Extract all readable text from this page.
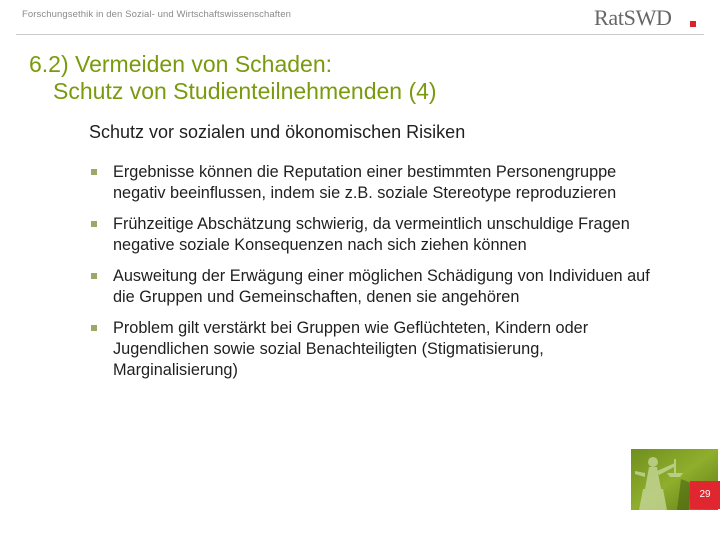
Forschungsethik in den Sozial- und Wirtschaftswissenschaften	RatSWD
6.2) Vermeiden von Schaden:
Schutz von Studienteilnehmenden (4)
Schutz vor sozialen und ökonomischen Risiken
Ergebnisse können die Reputation einer bestimmten Personengruppe negativ beeinflussen, indem sie z.B. soziale Stereotype reproduzieren
Frühzeitige Abschätzung schwierig, da vermeintlich unschuldige Fragen negative soziale Konsequenzen nach sich ziehen können
Ausweitung der Erwägung einer möglichen Schädigung von Individuen auf die Gruppen und Gemeinschaften, denen sie angehören
Problem gilt verstärkt bei Gruppen wie Geflüchteten, Kindern oder Jugendlichen sowie sozial Benachteiligten (Stigmatisierung, Marginalisierung)
29
